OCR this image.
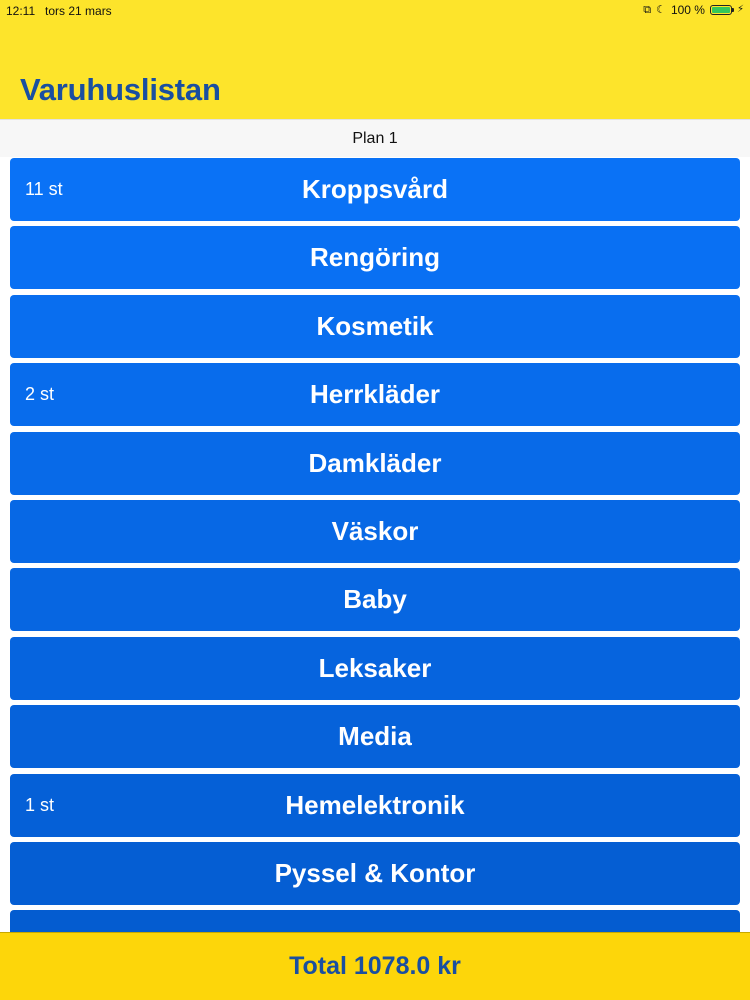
12:11 tors 21 mars	⧉ ☾ 100 %	⚡
Varuhuslistan
Plan 1
11 st	Kroppsvård
Rengöring
Kosmetik
2 st	Herrkläder
Damkläder
Väskor
Baby
Leksaker
Media
1 st	Hemelektronik
Pyssel & Kontor
Total 1078.0 kr
